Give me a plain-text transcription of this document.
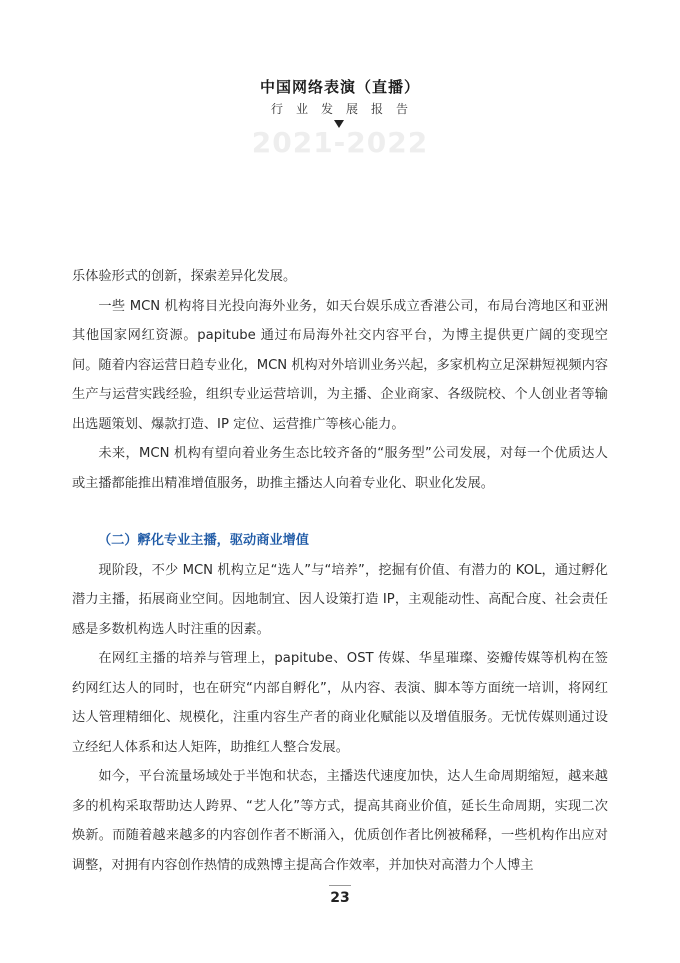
中国网络表演（直播）
行业发展报告
2021-2022

乐体验形式的创新，探索差异化发展。

一些 MCN 机构将目光投向海外业务，如天台娱乐成立香港公司，布局台湾地区和亚洲其他国家网红资源。papitube 通过布局海外社交内容平台，为博主提供更广阔的变现空间。随着内容运营日趋专业化，MCN 机构对外培训业务兴起，多家机构立足深耕短视频内容生产与运营实践经验，组织专业运营培训，为主播、企业商家、各级院校、个人创业者等输出选题策划、爆款打造、IP 定位、运营推广等核心能力。

未来，MCN 机构有望向着业务生态比较齐备的“服务型”公司发展，对每一个优质达人或主播都能推出精准增值服务，助推主播达人向着专业化、职业化发展。

（二）孵化专业主播，驱动商业增值

现阶段，不少 MCN 机构立足“选人”与“培养”，挖掘有价值、有潜力的 KOL，通过孵化潜力主播，拓展商业空间。因地制宜、因人设策打造 IP，主观能动性、高配合度、社会责任感是多数机构选人时注重的因素。

在网红主播的培养与管理上，papitube、OST 传媒、华星璀璨、姿瓣传媒等机构在签约网红达人的同时，也在研究“内部自孵化”，从内容、表演、脚本等方面统一培训，将网红达人管理精细化、规模化，注重内容生产者的商业化赋能以及增值服务。无忧传媒则通过设立经纪人体系和达人矩阵，助推红人整合发展。

如今，平台流量场域处于半饱和状态，主播迭代速度加快，达人生命周期缩短，越来越多的机构采取帮助达人跨界、“艺人化”等方式，提高其商业价值，延长生命周期，实现二次焕新。而随着越来越多的内容创作者不断涌入，优质创作者比例被稀释，一些机构作出应对调整，对拥有内容创作热情的成熟博主提高合作效率，并加快对高潜力个人博主

23
